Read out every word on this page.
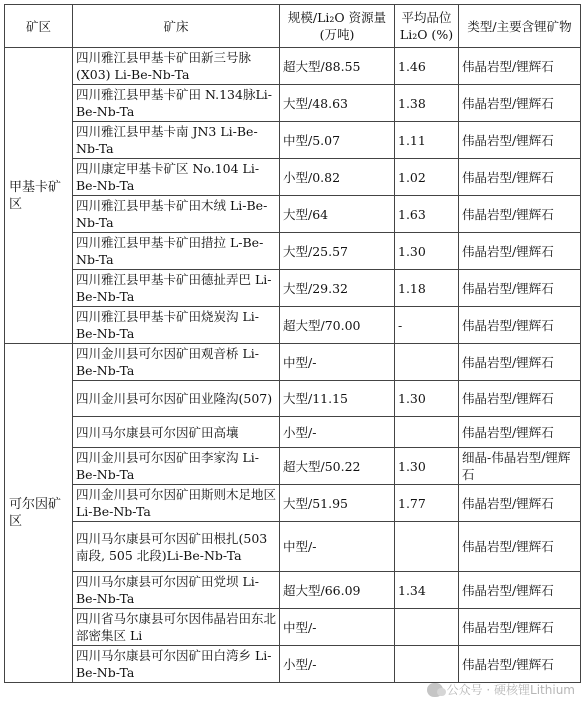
矿区	矿床	规模/Li₂O 资源量(万吨)	平均品位 Li₂O (%)	类型/主要含锂矿物
甲基卡矿区	四川雅江县甲基卡矿田新三号脉(X03) Li-Be-Nb-Ta	超大型/88.55	1.46	伟晶岩型/锂辉石
	四川雅江县甲基卡矿田 N.134脉Li-Be-Nb-Ta	大型/48.63	1.38	伟晶岩型/锂辉石
	四川雅江县甲基卡南 JN3 Li-Be-Nb-Ta	中型/5.07	1.11	伟晶岩型/锂辉石
	四川康定甲基卡矿区 No.104 Li-Be-Nb-Ta	小型/0.82	1.02	伟晶岩型/锂辉石
	四川雅江县甲基卡矿田木绒 Li-Be-Nb-Ta	大型/64	1.63	伟晶岩型/锂辉石
	四川雅江县甲基卡矿田措拉 L-Be-Nb-Ta	大型/25.57	1.30	伟晶岩型/锂辉石
	四川雅江县甲基卡矿田德扯弄巴 Li-Be-Nb-Ta	大型/29.32	1.18	伟晶岩型/锂辉石
	四川雅江县甲基卡矿田烧炭沟 Li-Be-Nb-Ta	超大型/70.00	-	伟晶岩型/锂辉石
可尔因矿区	四川金川县可尔因矿田观音桥 Li-Be-Nb-Ta	中型/-		伟晶岩型/锂辉石
	四川金川县可尔因矿田业隆沟(507)	大型/11.15	1.30	伟晶岩型/锂辉石
	四川马尔康县可尔因矿田高壤	小型/-		伟晶岩型/锂辉石
	四川金川县可尔因矿田李家沟 Li-Be-Nb-Ta	超大型/50.22	1.30	细晶-伟晶岩型/锂辉石
	四川金川县可尔因矿田斯则木足地区 Li-Be-Nb-Ta	大型/51.95	1.77	伟晶岩型/锂辉石
	四川马尔康县可尔因矿田根扎(503 南段, 505 北段)Li-Be-Nb-Ta	中型/-		伟晶岩型/锂辉石
	四川马尔康县可尔因矿田党坝 Li-Be-Nb-Ta	超大型/66.09	1.34	伟晶岩型/锂辉石
	四川省马尔康县可尔因伟晶岩田东北部密集区 Li	中型/-		伟晶岩型/锂辉石
	四川马尔康县可尔因矿田白湾乡 Li-Be-Nb-Ta	小型/-		伟晶岩型/锂辉石
公众号 · 硬核锂Lithium
